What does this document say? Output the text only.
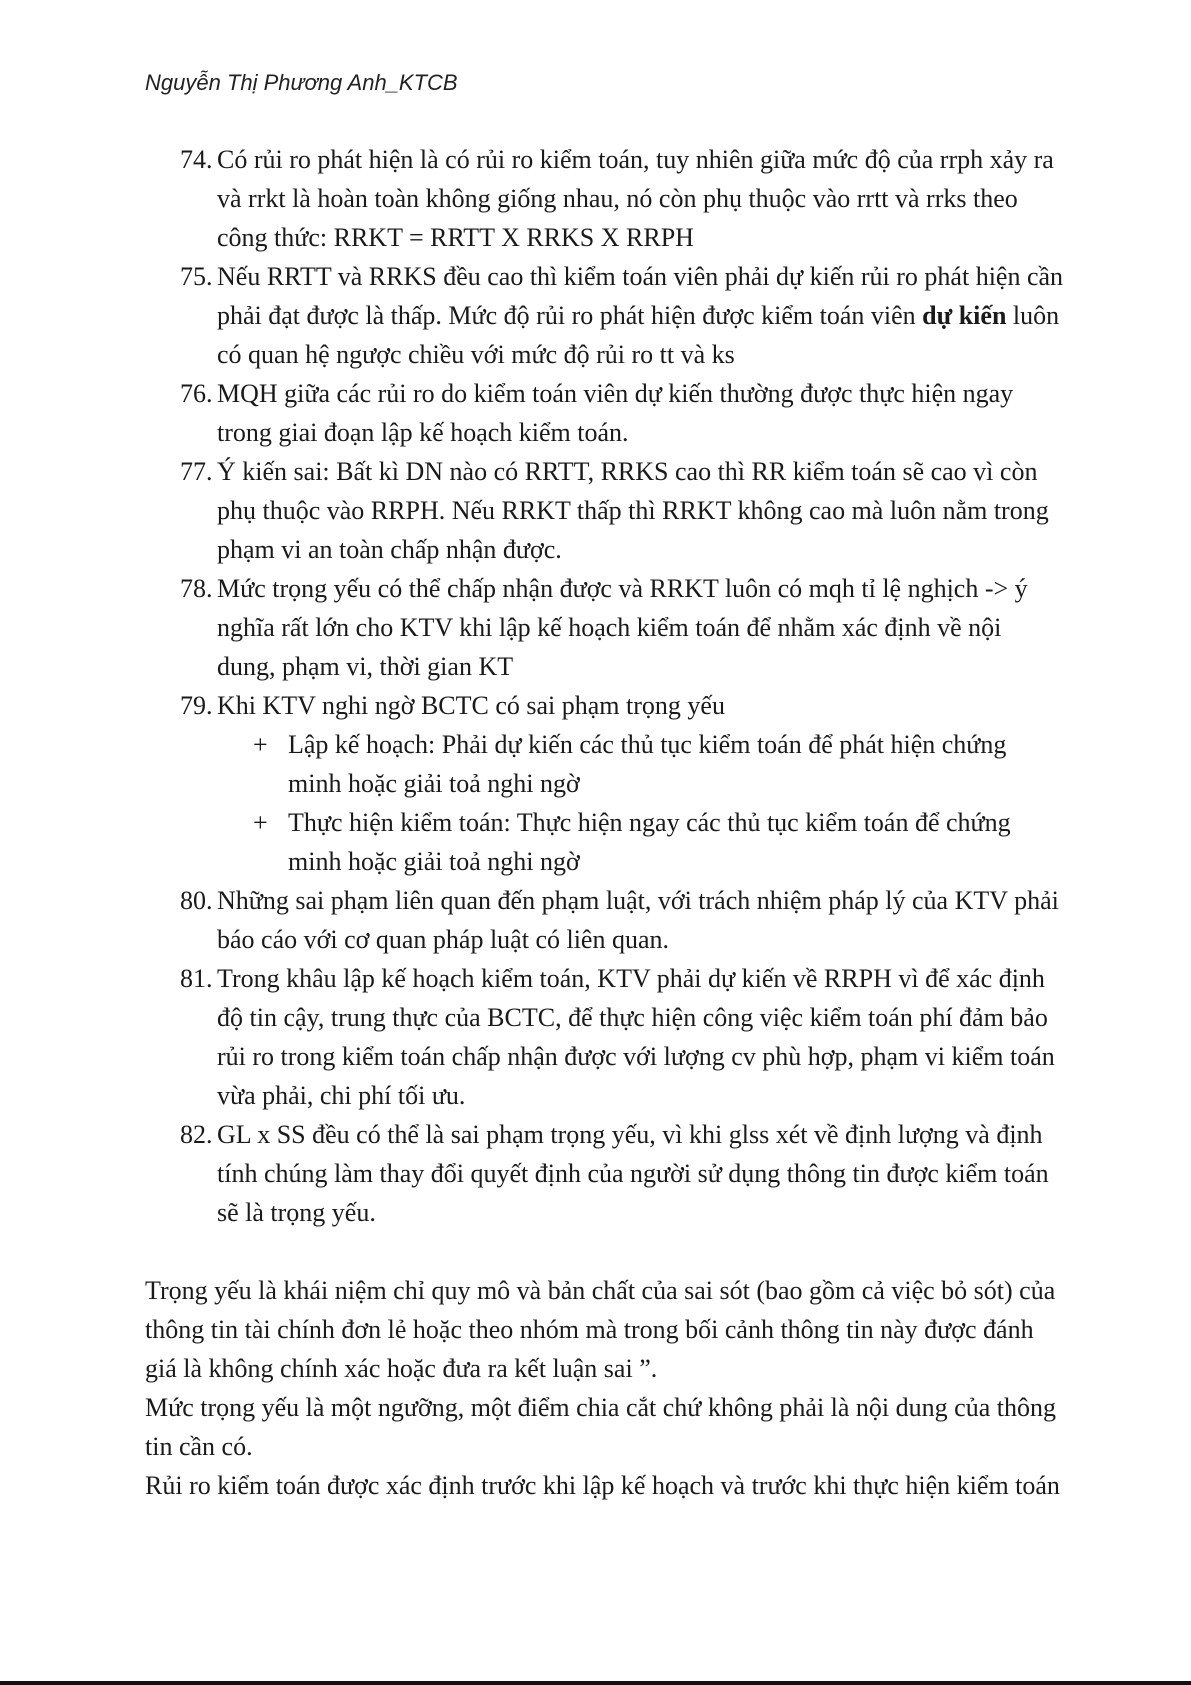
Nguyễn Thị Phương Anh_KTCB
74. Có rủi ro phát hiện là có rủi ro kiểm toán, tuy nhiên giữa mức độ của rrph xảy ra và rrkt là hoàn toàn không giống nhau, nó còn phụ thuộc vào rrtt và rrks theo công thức: RRKT = RRTT X RRKS X RRPH
75. Nếu RRTT và RRKS đều cao thì kiểm toán viên phải dự kiến rủi ro phát hiện cần phải đạt được là thấp. Mức độ rủi ro phát hiện được kiểm toán viên dự kiến luôn có quan hệ ngược chiều với mức độ rủi ro tt và ks
76. MQH giữa các rủi ro do kiểm toán viên dự kiến thường được thực hiện ngay trong giai đoạn lập kế hoạch kiểm toán.
77. Ý kiến sai: Bất kì DN nào có RRTT, RRKS cao thì RR kiểm toán sẽ cao vì còn phụ thuộc vào RRPH. Nếu RRKT thấp thì RRKT không cao mà luôn nằm trong phạm vi an toàn chấp nhận được.
78. Mức trọng yếu có thể chấp nhận được và RRKT luôn có mqh tỉ lệ nghịch -> ý nghĩa rất lớn cho KTV khi lập kế hoạch kiểm toán để nhằm xác định về nội dung, phạm vi, thời gian KT
79. Khi KTV nghi ngờ BCTC có sai phạm trọng yếu
+ Lập kế hoạch: Phải dự kiến các thủ tục kiểm toán để phát hiện chứng minh hoặc giải toả nghi ngờ
+ Thực hiện kiểm toán: Thực hiện ngay các thủ tục kiểm toán để chứng minh hoặc giải toả nghi ngờ
80. Những sai phạm liên quan đến phạm luật, với trách nhiệm pháp lý của KTV phải báo cáo với cơ quan pháp luật có liên quan.
81. Trong khâu lập kế hoạch kiểm toán, KTV phải dự kiến về RRPH vì để xác định độ tin cậy, trung thực của BCTC, để thực hiện công việc kiểm toán phí đảm bảo rủi ro trong kiểm toán chấp nhận được với lượng cv phù hợp, phạm vi kiểm toán vừa phải, chi phí tối ưu.
82. GL x SS đều có thể là sai phạm trọng yếu, vì khi glss xét về định lượng và định tính chúng làm thay đổi quyết định của người sử dụng thông tin được kiểm toán sẽ là trọng yếu.

Trọng yếu là khái niệm chỉ quy mô và bản chất của sai sót (bao gồm cả việc bỏ sót) của thông tin tài chính đơn lẻ hoặc theo nhóm mà trong bối cảnh thông tin này được đánh giá là không chính xác hoặc đưa ra kết luận sai ”.

Mức trọng yếu là một ngưỡng, một điểm chia cắt chứ không phải là nội dung của thông tin cần có.

Rủi ro kiểm toán được xác định trước khi lập kế hoạch và trước khi thực hiện kiểm toán
